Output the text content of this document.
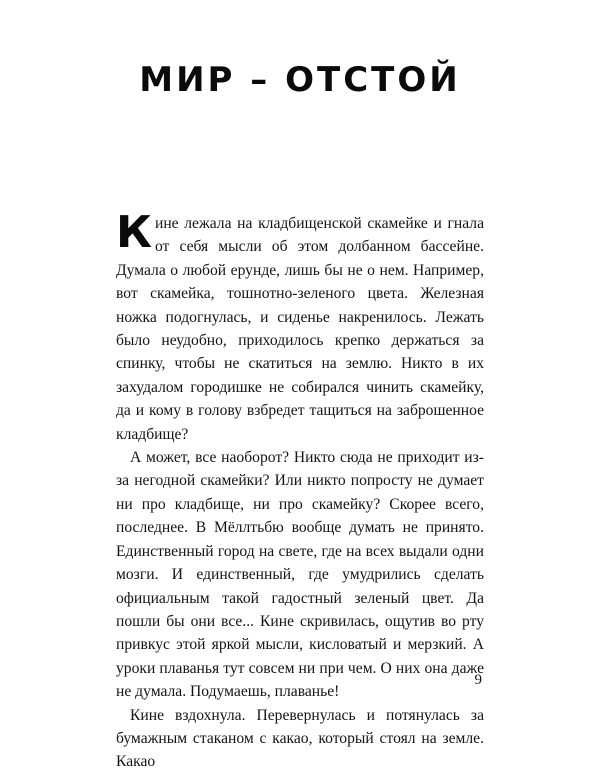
МИР – ОТСТОЙ

Кине лежала на кладбищенской скамейке и гнала от себя мысли об этом долбанном бассейне. Думала о любой ерунде, лишь бы не о нем. Например, вот скамейка, тошнотно-зеленого цвета. Железная ножка подогнулась, и сиденье накренилось. Лежать было неудобно, приходилось крепко держаться за спинку, чтобы не скатиться на землю. Никто в их захудалом городишке не собирался чинить скамейку, да и кому в голову взбредет тащиться на заброшенное кладбище?

А может, все наоборот? Никто сюда не приходит из-за негодной скамейки? Или никто попросту не думает ни про кладбище, ни про скамейку? Скорее всего, последнее. В Мёллтьбю вообще думать не принято. Единственный город на свете, где на всех выдали одни мозги. И единственный, где умудрились сделать официальным такой гадостный зеленый цвет. Да пошли бы они все... Кине скривилась, ощутив во рту привкус этой яркой мысли, кисловатый и мерзкий. А уроки плаванья тут совсем ни при чем. О них она даже не думала. Подумаешь, плаванье!

Кине вздохнула. Перевернулась и потянулась за бумажным стаканом с какао, который стоял на земле. Какао

9
